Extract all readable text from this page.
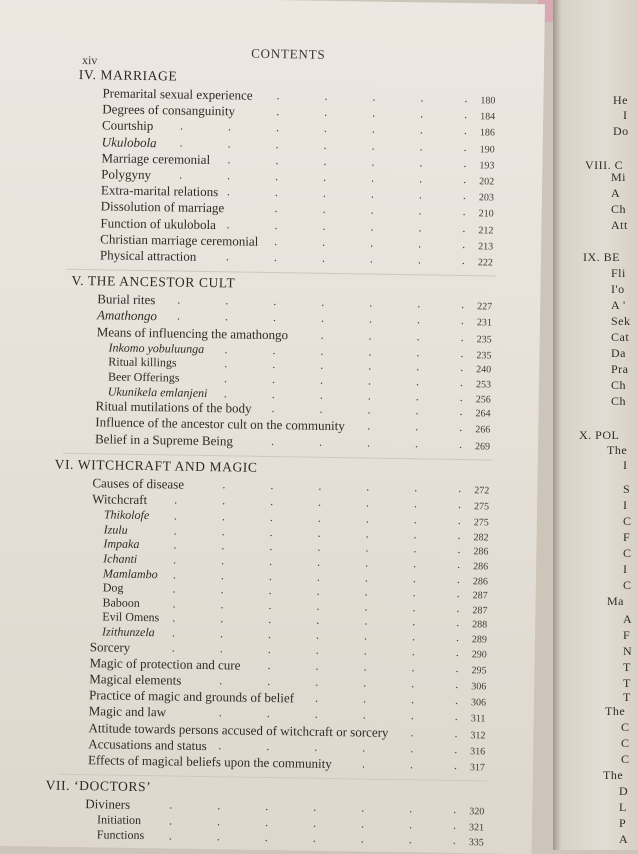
He
I
Do
VIII. C
Mi
A
Ch
Att
IX. BE
Fli
I'o
A '
Sek
Cat
Da
Pra
Ch
Ch
X. POL
The
I
S
I
C
F
C
I
C
Ma
A
F
N
T
T
T
The
C
C
C
The
D
L
P
A
xiv	CONTENTS
IV. MARRIAGE
Premarital sexual experience .	.	.	.	. 180
Degrees of consanguinity	.	.	.	.	. 184
Courtship .	.	.	.	.	.	. 186
Ukulobola .	.	.	.	.	.	. 190
Marriage ceremonial .	.	.	.	.	. 193
Polygyny .	.	.	.	.	.	. 202
Extra-marital relations .	.	.	.	.	. 203
Dissolution of marriage	.	.	.	.	. 210
Function of ukulobola .	.	.	.	.	. 212
Christian marriage ceremonial .	.	.	.	. 213
Physical attraction .	.	.	.	.	. 222
V. THE ANCESTOR CULT
Burial rites .	.	.	.	.	.	. 227
Amathongo .	.	.	.	.	.	. 231
Means of influencing the amathongo	.	.	.	. 235
Inkomo yobuluunga .	.	.	.	.	. 235
Ritual killings	.	.	.	.	.	. 240
Beer Offerings	.	.	.	.	.	. 253
Ukunikela emlanjeni .	.	.	.	.	. 256
Ritual mutilations of the body .	.	.	.	. 264
Influence of the ancestor cult on the community .	.	. 266
Belief in a Supreme Being	.	.	.	.	. 269
VI. WITCHCRAFT AND MAGIC
Causes of disease	.	.	.	.	.	. 272
Witchcraft .	.	.	.	.	.	. 275
Thikolofe .	.	.	.	.	.	. 275
Izulu	.	.	.	.	.	.	. 282
Impaka	.	.	.	.	.	.	. 286
Ichanti	.	.	.	.	.	.	. 286
Mamlambo .	.	.	.	.	.	. 286
Dog	.	.	.	.	.	.	. 287
Baboon	.	.	.	.	.	.	. 287
Evil Omens .	.	.	.	.	.	. 288
Izithunzela .	.	.	.	.	.	. 289
Sorcery	.	.	.	.	.	.	. 290
Magic of protection and cure .	.	.	.	. 295
Magical elements	.	.	.	.	.	. 306
Practice of magic and grounds of belief .	.	.	. 306
Magic and law	.	.	.	.	.	. 311
Attitude towards persons accused of witchcraft or sorcery .	. 312
Accusations and status .	.	.	.	.	. 316
Effects of magical beliefs upon the community .	.	. 317
VII. ‘DOCTORS’
Diviners	.	.	.	.	.	.	. 320
Initiation .	.	.	.	.	.	. 321
Functions .	.	.	.	.	.	. 335
